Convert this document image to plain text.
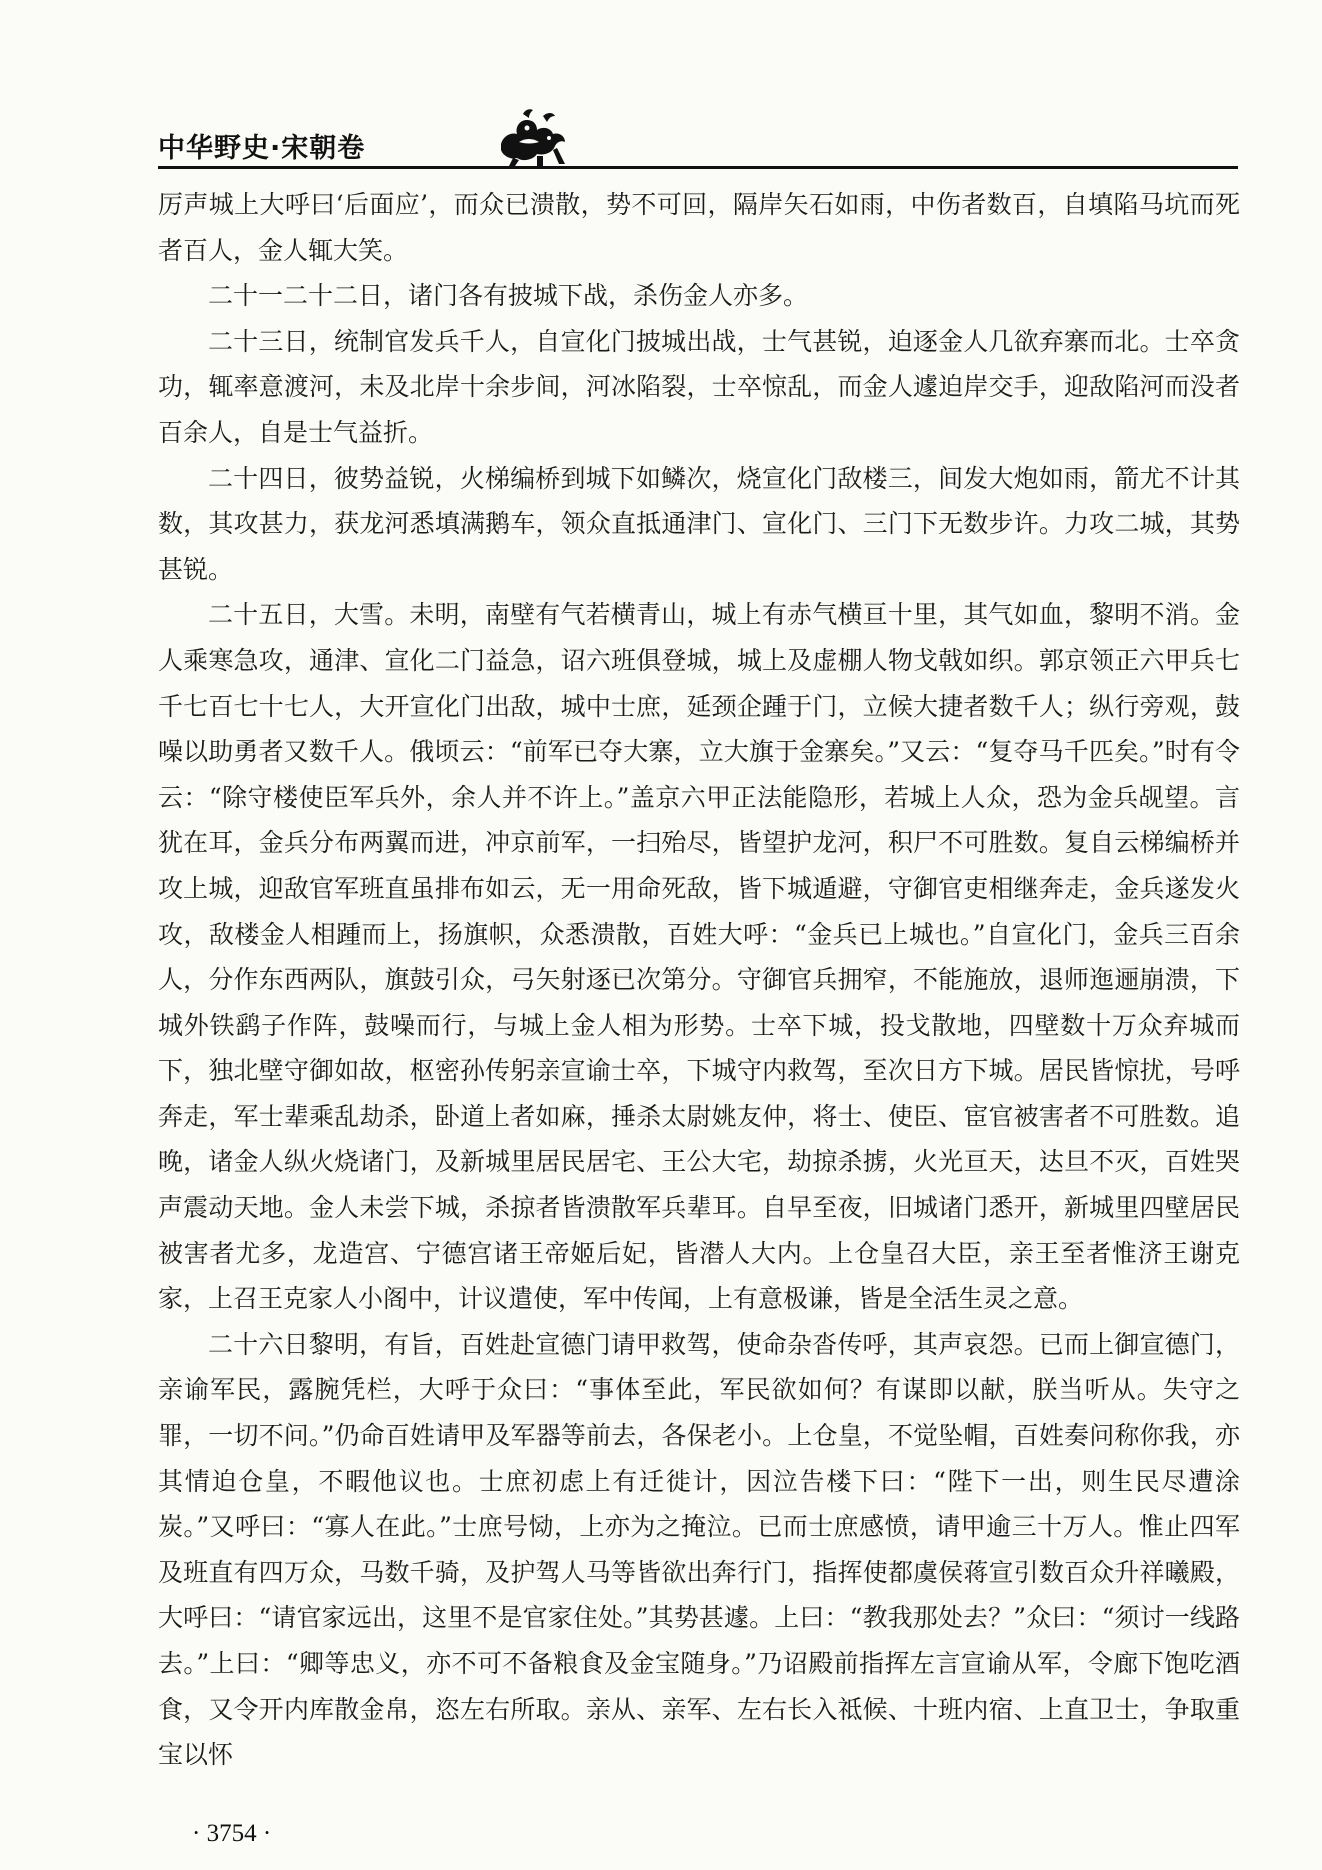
中华野史·宋朝卷

厉声城上大呼曰‘后面应’，而众已溃散，势不可回，隔岸矢石如雨，中伤者数百，自填陷马坑而死者百人，金人辄大笑。

二十一二十二日，诸门各有披城下战，杀伤金人亦多。

二十三日，统制官发兵千人，自宣化门披城出战，士气甚锐，迫逐金人几欲弃寨而北。士卒贪功，辄率意渡河，未及北岸十余步间，河冰陷裂，士卒惊乱，而金人遽迫岸交手，迎敌陷河而没者百余人，自是士气益折。

二十四日，彼势益锐，火梯编桥到城下如鳞次，烧宣化门敌楼三，间发大炮如雨，箭尤不计其数，其攻甚力，获龙河悉填满鹅车，领众直抵通津门、宣化门、三门下无数步许。力攻二城，其势甚锐。

二十五日，大雪。未明，南壁有气若横青山，城上有赤气横亘十里，其气如血，黎明不消。金人乘寒急攻，通津、宣化二门益急，诏六班俱登城，城上及虚棚人物戈戟如织。郭京领正六甲兵七千七百七十七人，大开宣化门出敌，城中士庶，延颈企踵于门，立候大捷者数千人；纵行旁观，鼓噪以助勇者又数千人。俄顷云：“前军已夺大寨，立大旗于金寨矣。”又云：“复夺马千匹矣。”时有令云：“除守楼使臣军兵外，余人并不许上。”盖京六甲正法能隐形，若城上人众，恐为金兵觇望。言犹在耳，金兵分布两翼而进，冲京前军，一扫殆尽，皆望护龙河，积尸不可胜数。复自云梯编桥并攻上城，迎敌官军班直虽排布如云，无一用命死敌，皆下城遁避，守御官吏相继奔走，金兵遂发火攻，敌楼金人相踵而上，扬旗帜，众悉溃散，百姓大呼：“金兵已上城也。”自宣化门，金兵三百余人，分作东西两队，旗鼓引众，弓矢射逐已次第分。守御官兵拥窄，不能施放，退师迤逦崩溃，下城外铁鹞子作阵，鼓噪而行，与城上金人相为形势。士卒下城，投戈散地，四壁数十万众弃城而下，独北壁守御如故，枢密孙传躬亲宣谕士卒，下城守内救驾，至次日方下城。居民皆惊扰，号呼奔走，军士辈乘乱劫杀，卧道上者如麻，捶杀太尉姚友仲，将士、使臣、宦官被害者不可胜数。追晚，诸金人纵火烧诸门，及新城里居民居宅、王公大宅，劫掠杀掳，火光亘天，达旦不灭，百姓哭声震动天地。金人未尝下城，杀掠者皆溃散军兵辈耳。自早至夜，旧城诸门悉开，新城里四壁居民被害者尤多，龙造宫、宁德宫诸王帝姬后妃，皆潜人大内。上仓皇召大臣，亲王至者惟济王谢克家，上召王克家人小阁中，计议遣使，军中传闻，上有意极谦，皆是全活生灵之意。

二十六日黎明，有旨，百姓赴宣德门请甲救驾，使命杂沓传呼，其声哀怨。已而上御宣德门，亲谕军民，露腕凭栏，大呼于众曰：“事体至此，军民欲如何？有谋即以献，朕当听从。失守之罪，一切不问。”仍命百姓请甲及军器等前去，各保老小。上仓皇，不觉坠帽，百姓奏问称你我，亦其情迫仓皇，不暇他议也。士庶初虑上有迁徙计，因泣告楼下曰：“陛下一出，则生民尽遭涂炭。”又呼曰：“寡人在此。”士庶号恸，上亦为之掩泣。已而士庶感愤，请甲逾三十万人。惟止四军及班直有四万众，马数千骑，及护驾人马等皆欲出奔行门，指挥使都虞侯蒋宣引数百众升祥曦殿，大呼曰：“请官家远出，这里不是官家住处。”其势甚遽。上曰：“教我那处去？”众曰：“须讨一线路去。”上曰：“卿等忠义，亦不可不备粮食及金宝随身。”乃诏殿前指挥左言宣谕从军，令廊下饱吃酒食，又令开内库散金帛，恣左右所取。亲从、亲军、左右长入祗候、十班内宿、上直卫士，争取重宝以怀

· 3754 ·
